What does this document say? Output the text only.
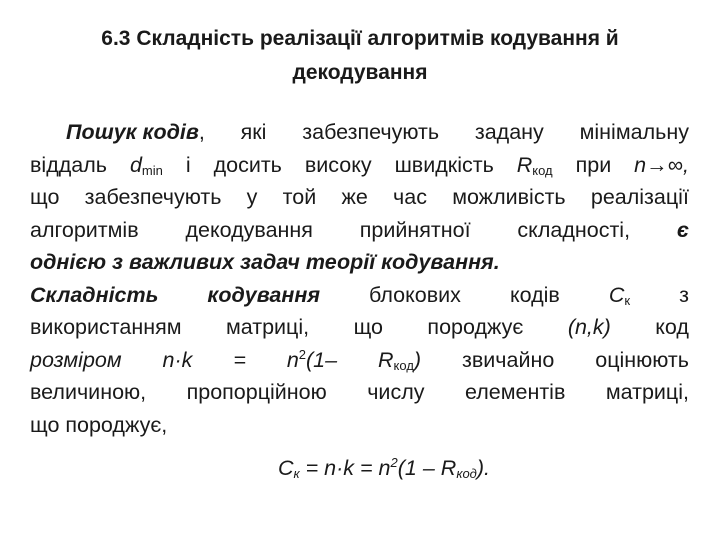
6.3 Складність реалізації алгоритмів кодування й
декодування
Пошук кодів, які забезпечують задану мінімальну
віддаль $d_{min}$ і досить високу швидкість $R_{код}$ при n→∞,
що забезпечують у той же час можливість реалізації
алгоритмів декодування прийнятної складності, є
однією з важливих задач теорії кодування.
Складність кодування блокових кодів $C_к$ з
використанням матриці, що породжує (n,k) код
розміром $n\cdot k = n^2(1-$ $R_{код}$) звичайно оцінюють
величиною, пропорційною числу елементів матриці,
що породжує,
$C_к = n\cdot k = n^2(1 - R_{код})$.
